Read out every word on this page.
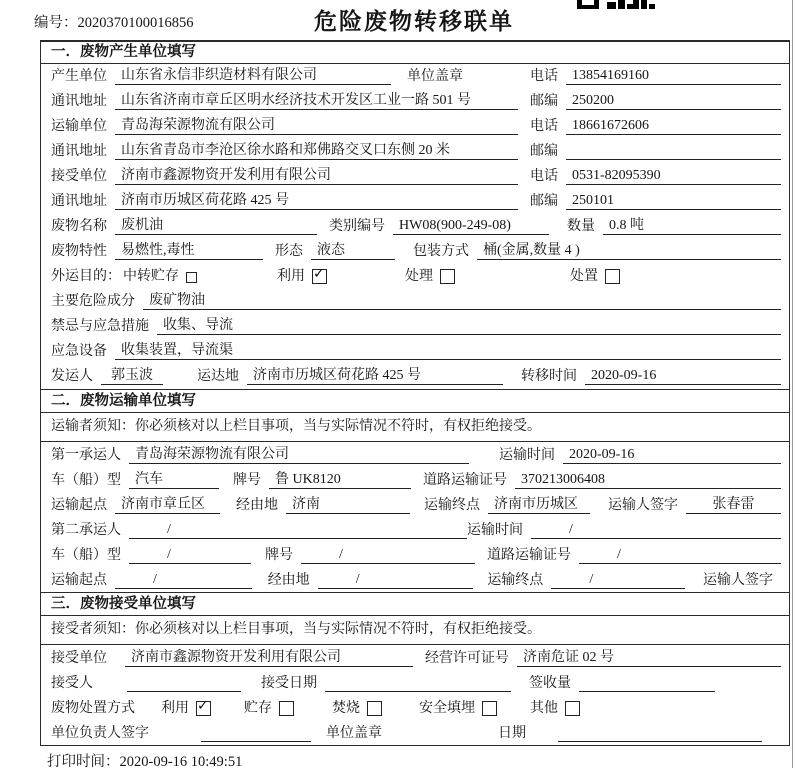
编号：2020370100016856	危险废物转移联单
一．废物产生单位填写
产生单位	山东省永信非织造材料有限公司	单位盖章	电话	13854169160
通讯地址	山东省济南市章丘区明水经济技术开发区工业一路 501 号	邮编	250200
运输单位	青岛海荣源物流有限公司	电话	18661672606
通讯地址	山东省青岛市李沧区徐水路和郑佛路交叉口东侧 20 米	邮编
接受单位	济南市鑫源物资开发利用有限公司	电话	0531-82095390
通讯地址	济南市历城区荷花路 425 号	邮编	250101
废物名称	废机油	类别编号	HW08(900-249-08)	数量	0.8 吨
废物特性	易燃性,毒性	形态	液态	包装方式	桶(金属,数量 4 )
外运目的： 中转贮存	利用 ✓	处理	处置
主要危险成分	废矿物油
禁忌与应急措施	收集、导流
应急设备	收集装置，导流渠
发运人	郭玉波	运达地	济南市历城区荷花路 425 号	转移时间	2020-09-16
二．废物运输单位填写
运输者须知：你必须核对以上栏目事项，当与实际情况不符时，有权拒绝接受。
第一承运人	青岛海荣源物流有限公司	运输时间	2020-09-16
车（船）型	汽车	牌号	鲁 UK8120	道路运输证号	370213006408
运输起点	济南市章丘区	经由地	济南	运输终点	济南市历城区	运输人签字	张春雷
第二承运人	/	运输时间	/
车（船）型	/	牌号	/	道路运输证号	/
运输起点	/	经由地	/	运输终点	/	运输人签字
三．废物接受单位填写
接受者须知：你必须核对以上栏目事项，当与实际情况不符时，有权拒绝接受。
接受单位	济南市鑫源物资开发利用有限公司	经营许可证号	济南危证 02 号
接受人	接受日期	签收量
废物处置方式 利用 ✓	贮存	焚烧	安全填埋	其他
单位负责人签字	单位盖章	日期
打印时间：2020-09-16 10:49:51
